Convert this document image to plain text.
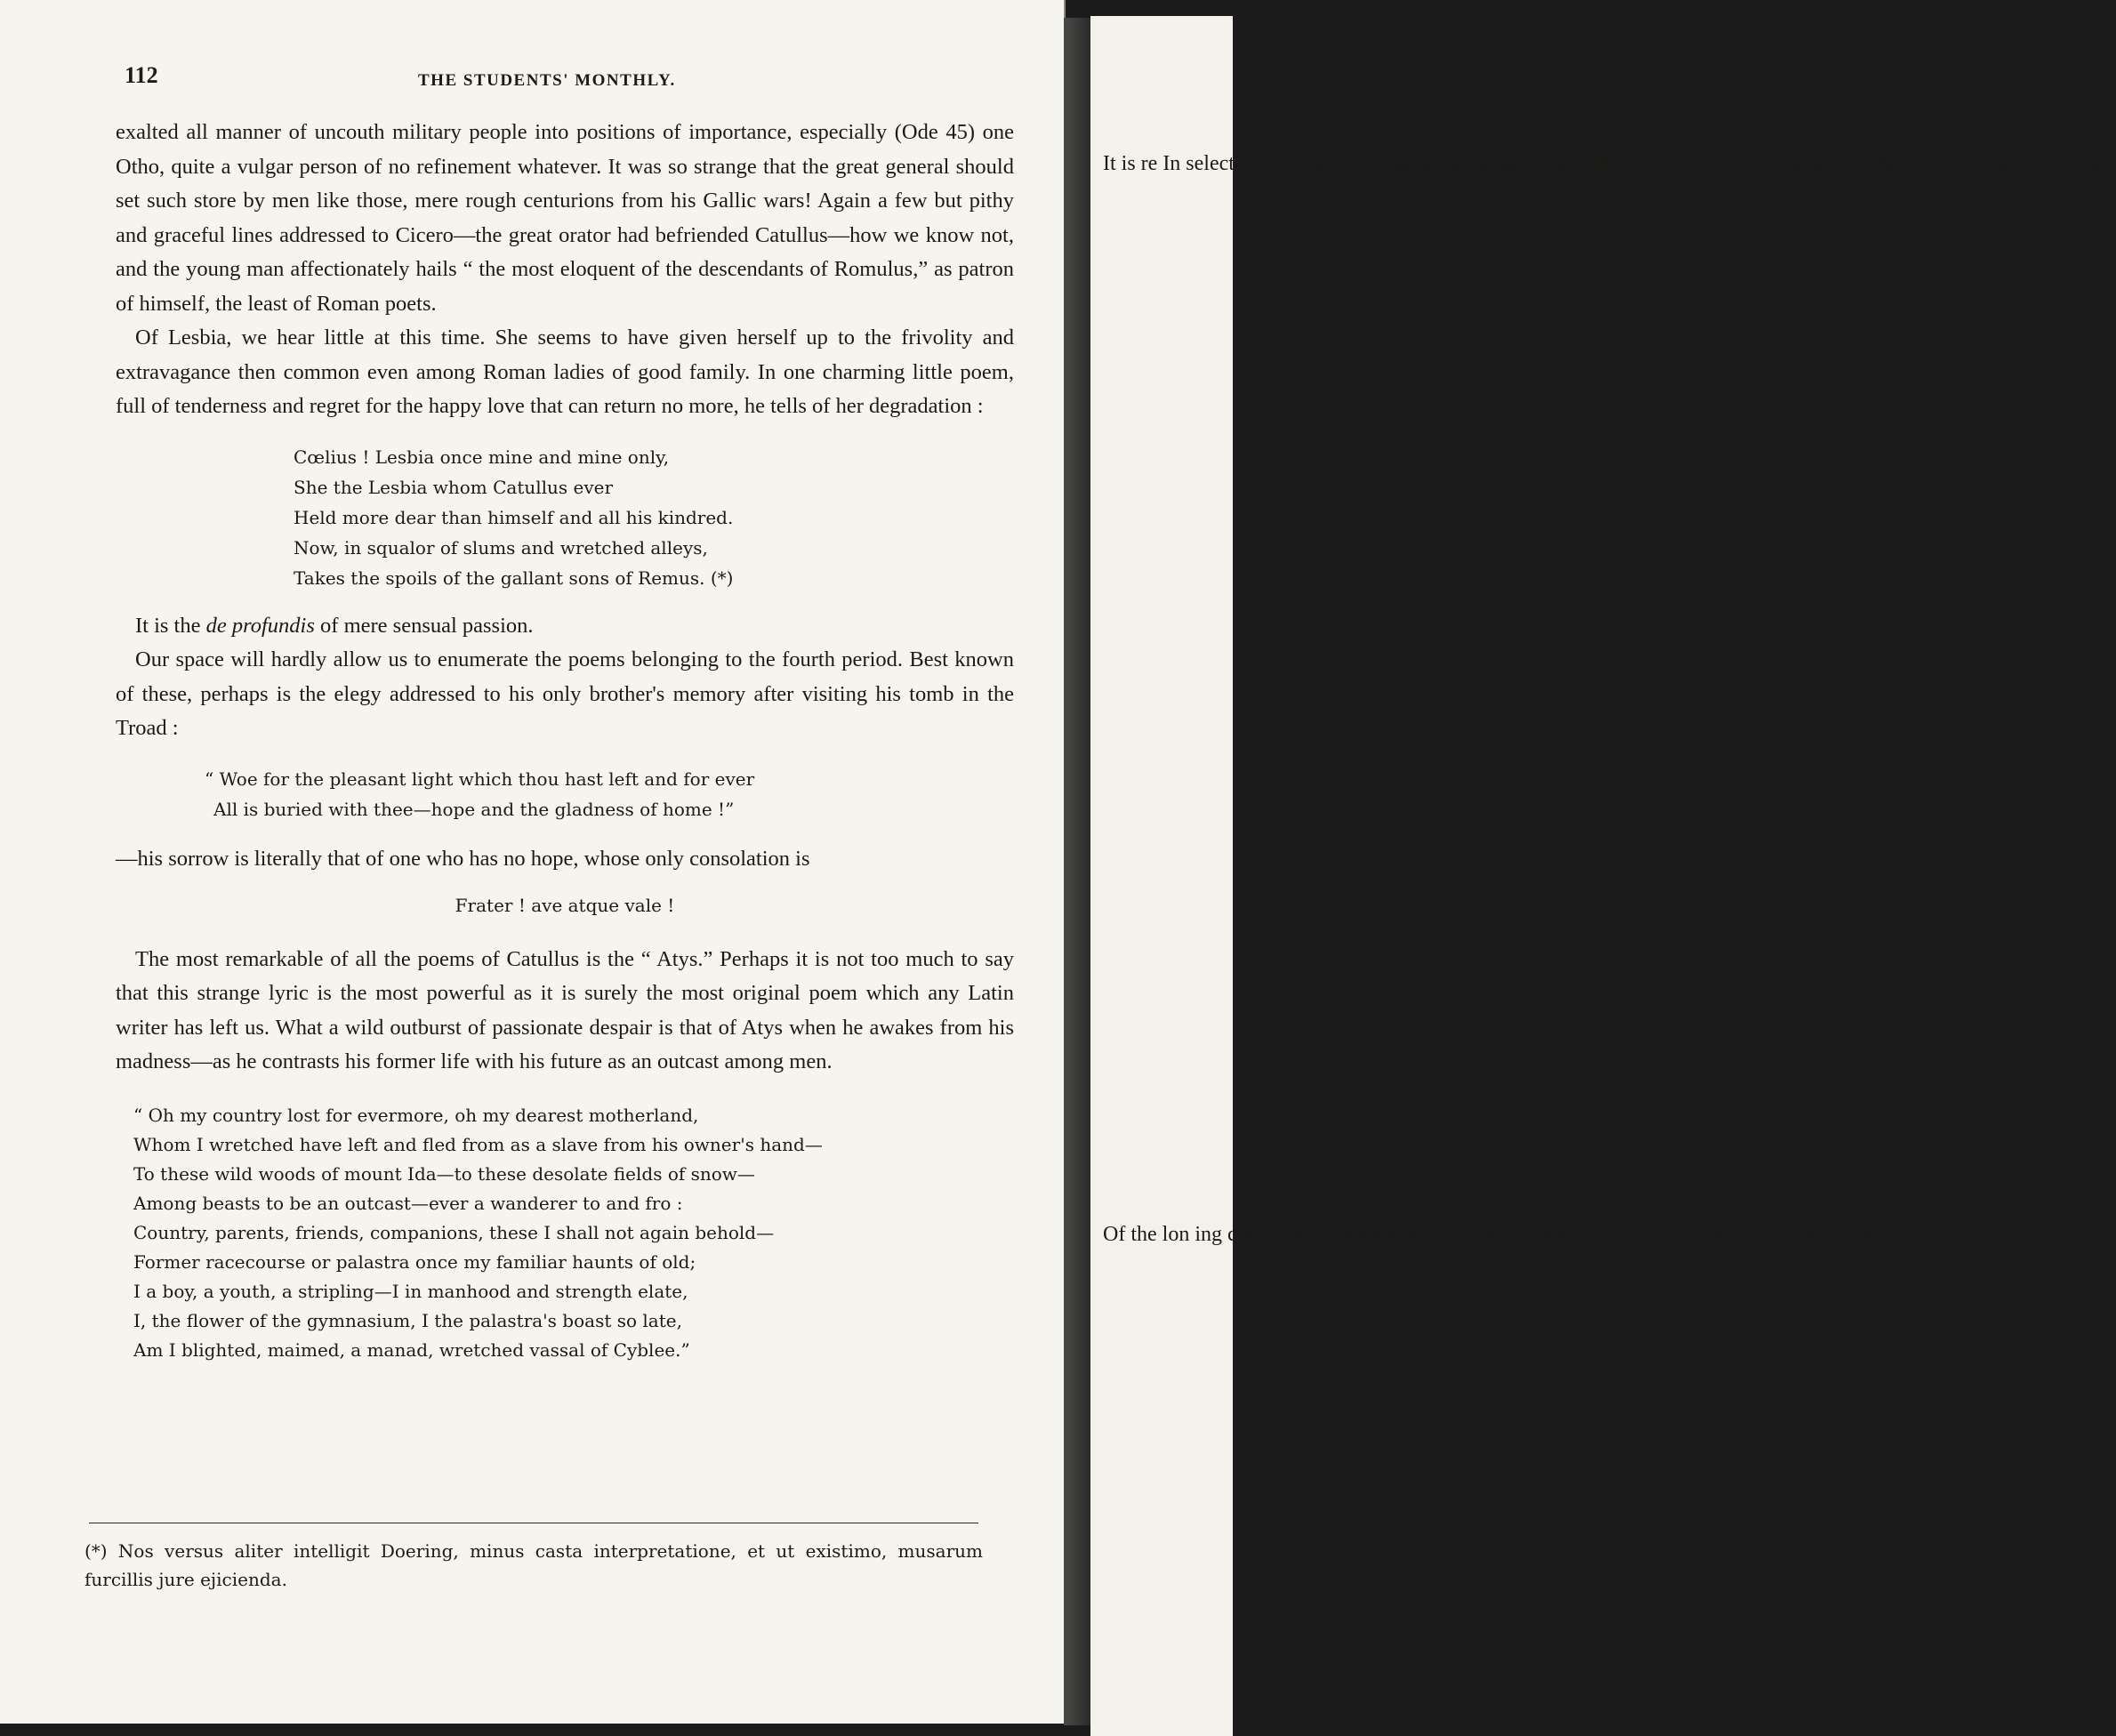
112	THE STUDENTS' MONTHLY.

exalted all manner of uncouth military people into positions of importance, especially (Ode 45) one Otho, quite a vulgar person of no refinement whatever. It was so strange that the great general should set such store by men like those, mere rough centurions from his Gallic wars! Again a few but pithy and graceful lines addressed to Cicero—the great orator had befriended Catullus—how we know not, and the young man affectionately hails “ the most eloquent of the descendants of Romulus,” as patron of himself, the least of Roman poets.

Of Lesbia, we hear little at this time. She seems to have given herself up to the frivolity and extravagance then common even among Roman ladies of good family. In one charming little poem, full of tenderness and regret for the happy love that can return no more, he tells of her degradation :

Cœlius ! Lesbia once mine and mine only,
She the Lesbia whom Catullus ever
Held more dear than himself and all his kindred.
Now, in squalor of slums and wretched alleys,
Takes the spoils of the gallant sons of Remus. (*)

It is the de profundis of mere sensual passion.

Our space will hardly allow us to enumerate the poems belonging to the fourth period. Best known of these, perhaps is the elegy addressed to his only brother's memory after visiting his tomb in the Troad :

“ Woe for the pleasant light which thou hast left and for ever
All is buried with thee—hope and the gladness of home !”

—his sorrow is literally that of one who has no hope, whose only consolation is

Frater ! ave atque vale !

The most remarkable of all the poems of Catullus is the “ Atys.” Perhaps it is not too much to say that this strange lyric is the most powerful as it is surely the most original poem which any Latin writer has left us. What a wild outburst of passionate despair is that of Atys when he awakes from his madness—as he contrasts his former life with his future as an outcast among men.

“ Oh my country lost for evermore, oh my dearest motherland,
Whom I wretched have left and fled from as a slave from his owner's hand—
To these wild woods of mount Ida—to these desolate fields of snow—
Among beasts to be an outcast—ever a wanderer to and fro :
Country, parents, friends, companions, these I shall not again behold—
Former racecourse or palastra once my familiar haunts of old;
I a boy, a youth, a stripling—I in manhood and strength elate,
I, the flower of the gymnasium, I the palastra's boast so late,
Am I blighted, maimed, a manad, wretched vassal of Cyblee.”
(*) Nos versus aliter intelligit Doering, minus casta interpretatione, et ut existimo, musarum furcillis jure ejicienda.
It is re In selecti to us to a poem has of Tate ar also publi Moore's d house pew Catullus i The Th lyrico-epic of the fate
Of the lon ing considers have seen ho difficulties a his circle, Ca his friend's h in which we
